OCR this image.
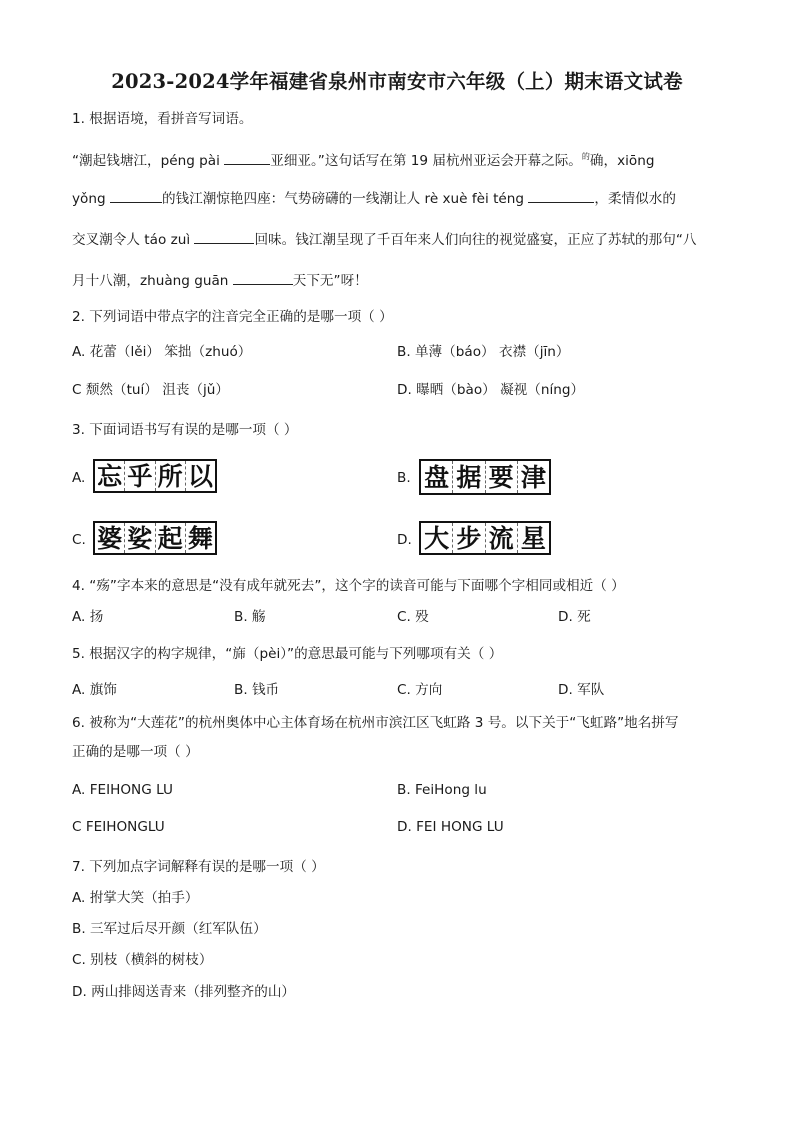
2023-2024学年福建省泉州市南安市六年级（上）期末语文试卷
1. 根据语境，看拼音写词语。
“潮起钱塘江，péng pài	亚细亚。”这句话写在第 19 届杭州亚运会开幕之际。$^的$确，xiōng
yǒng	的钱江潮惊艳四座：气势磅礴的一线潮让人 rè xuè fèi téng	，柔情似水的
交叉潮令人 táo zuì	回味。钱江潮呈现了千百年来人们向往的视觉盛宴，正应了苏轼的那句“八
月十八潮，zhuàng guān	天下无”呀！
2. 下列词语中带点字的注音完全正确的是哪一项（ ）
A. 花蕾（lěi） 笨拙（zhuó）	B. 单薄（báo） 衣襟（jīn）
C 颓然（tuí） 沮丧（jǔ）	D. 曝晒（bào） 凝视（níng）
3. 下面词语书写有误的是哪一项（ ）
A. 忘 乎 所 以	B. 盘 据 要 津
C. 婆 娑 起 舞	D. 大 步 流 星
4. “殇”字本来的意思是“没有成年就死去”，这个字的读音可能与下面哪个字相同或相近（ ）
A. 扬	B. 觞	C. 殁	D. 死
5. 根据汉字的构字规律，“旆（pèi）”的意思最可能与下列哪项有关（ ）
A. 旗饰	B. 钱币	C. 方向	D. 军队
6. 被称为“大莲花”的杭州奥体中心主体育场在杭州市滨江区飞虹路 3 号。以下关于“飞虹路”地名拼写
正确的是哪一项（ ）
A. FEIHONG LU	B. FeiHong lu
C FEIHONGLU	D. FEI HONG LU
7. 下列加点字词解释有误的是哪一项（ ）
A. 拊掌大笑（拍手）
B. 三军过后尽开颜（红军队伍）
C. 别枝（横斜的树枝）
D. 两山排闼送青来（排列整齐的山）
